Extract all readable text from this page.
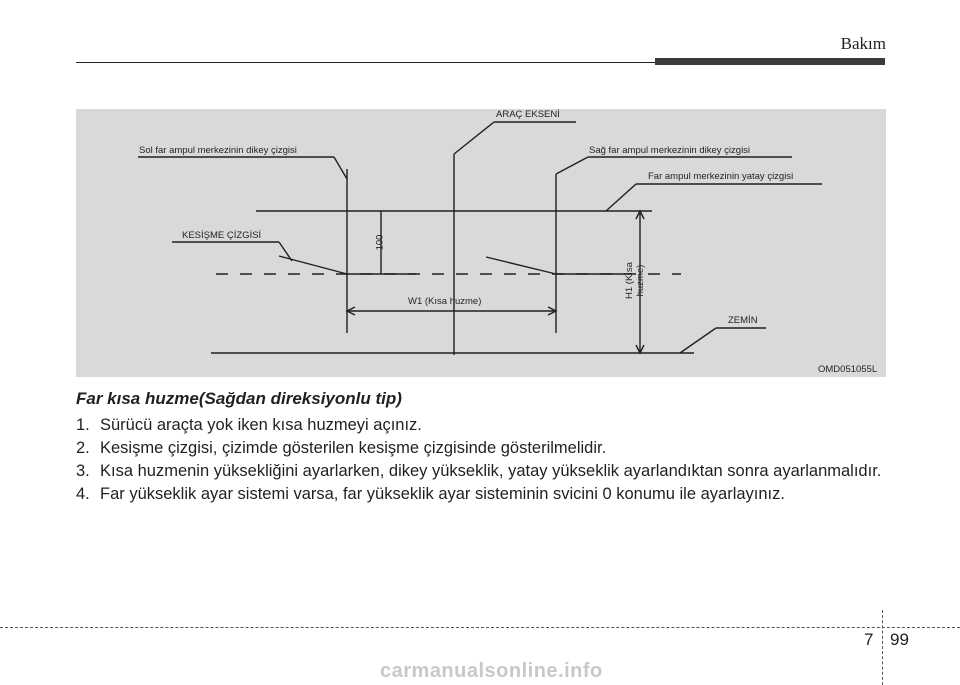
Bakım
ARAÇ EKSENİ
Sol far ampul merkezinin dikey çizgisi	Sağ far ampul merkezinin dikey çizgisi
Far ampul merkezinin yatay çizgisi
KESİŞME ÇİZGİSİ	100
W1 (Kısa huzme)
H1 (Kısa huzme)
ZEMİN
OMD051055L
Far kısa huzme(Sağdan direksiyonlu tip)
1. Sürücü araçta yok iken kısa huzmeyi açınız.
2. Kesişme çizgisi, çizimde gösterilen kesişme çizgisinde gösterilmelidir.
3. Kısa huzmenin yüksekliğini ayarlarken, dikey yükseklik, yatay yükseklik ayarlandıktan sonra ayarlanmalıdır.
4. Far yükseklik ayar sistemi varsa, far yükseklik ayar sisteminin svicini 0 konumu ile ayarlayınız.
7 99
carmanualsonline.info
